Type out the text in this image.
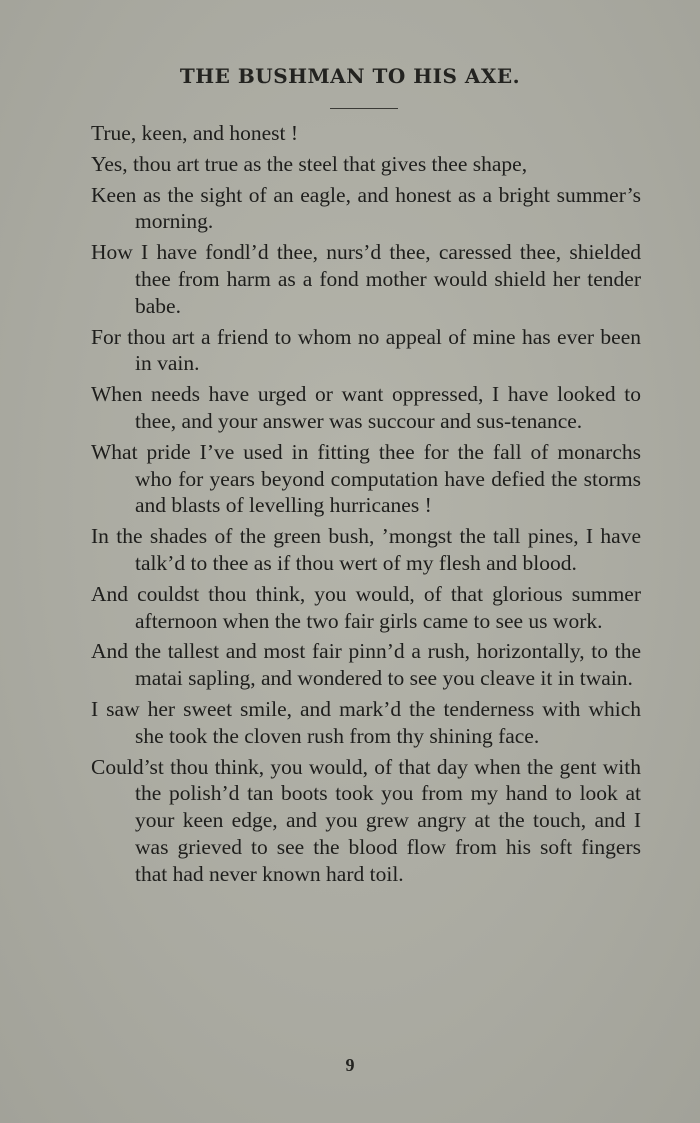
THE BUSHMAN TO HIS AXE.
True, keen, and honest !
Yes, thou art true as the steel that gives thee shape,
Keen as the sight of an eagle, and honest as a bright summer’s morning.
How I have fondl’d thee, nurs’d thee, caressed thee, shielded thee from harm as a fond mother would shield her tender babe.
For thou art a friend to whom no appeal of mine has ever been in vain.
When needs have urged or want oppressed, I have looked to thee, and your answer was succour and sus-tenance.
What pride I’ve used in fitting thee for the fall of monarchs who for years beyond computation have defied the storms and blasts of levelling hurricanes !
In the shades of the green bush, ’mongst the tall pines, I have talk’d to thee as if thou wert of my flesh and blood.
And couldst thou think, you would, of that glorious summer afternoon when the two fair girls came to see us work.
And the tallest and most fair pinn’d a rush, horizontally, to the matai sapling, and wondered to see you cleave it in twain.
I saw her sweet smile, and mark’d the tenderness with which she took the cloven rush from thy shining face.
Could’st thou think, you would, of that day when the gent with the polish’d tan boots took you from my hand to look at your keen edge, and you grew angry at the touch, and I was grieved to see the blood flow from his soft fingers that had never known hard toil.
9
